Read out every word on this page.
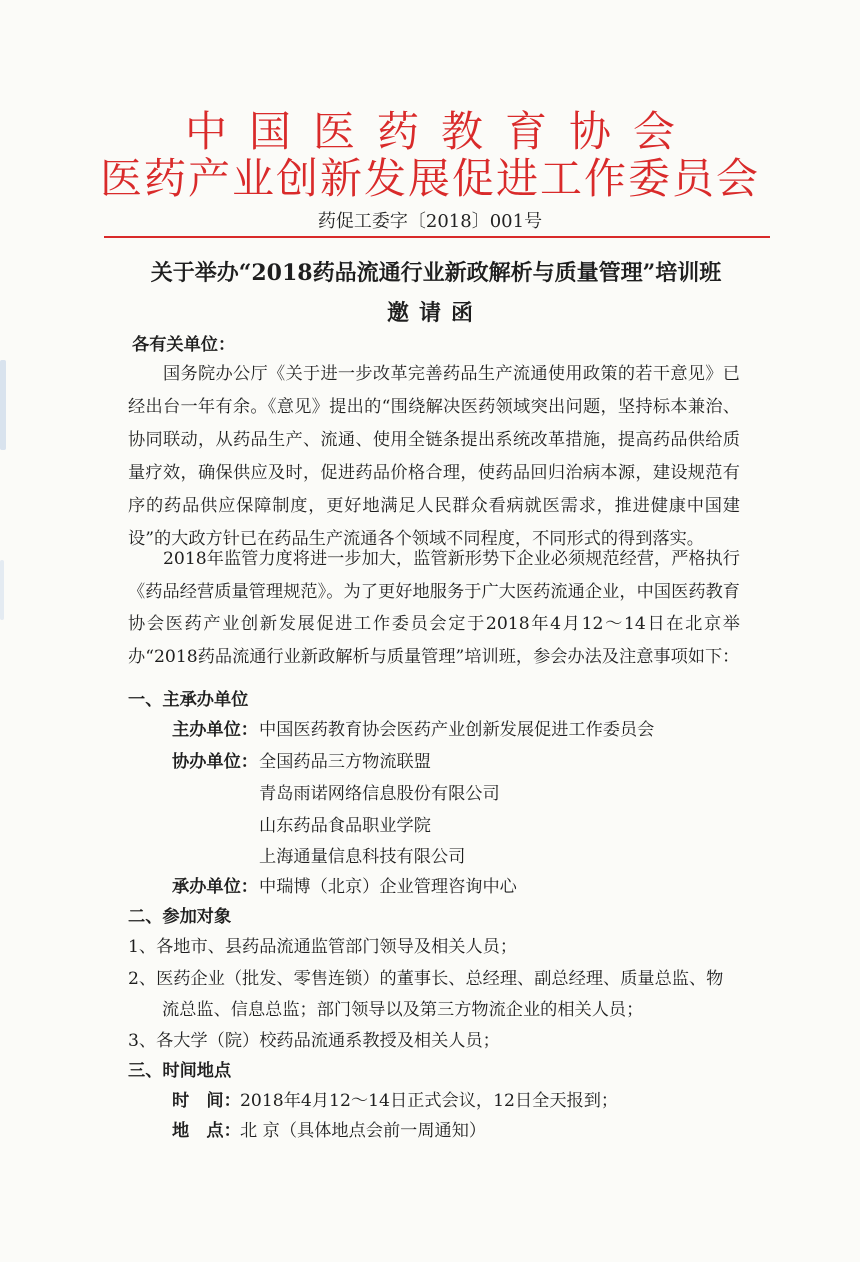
中国医药教育协会
医药产业创新发展促进工作委员会
药促工委字〔2018〕001号
关于举办“2018药品流通行业新政解析与质量管理”培训班
邀请函
各有关单位：
国务院办公厅《关于进一步改革完善药品生产流通使用政策的若干意见》已经出台一年有余。《意见》提出的“围绕解决医药领域突出问题，坚持标本兼治、协同联动，从药品生产、流通、使用全链条提出系统改革措施，提高药品供给质量疗效，确保供应及时，促进药品价格合理，使药品回归治病本源，建设规范有序的药品供应保障制度，更好地满足人民群众看病就医需求，推进健康中国建设”的大政方针已在药品生产流通各个领域不同程度，不同形式的得到落实。
2018年监管力度将进一步加大，监管新形势下企业必须规范经营，严格执行《药品经营质量管理规范》。为了更好地服务于广大医药流通企业，中国医药教育协会医药产业创新发展促进工作委员会定于2018年4月12～14日在北京举办“2018药品流通行业新政解析与质量管理”培训班，参会办法及注意事项如下：
一、主承办单位
主办单位： 中国医药教育协会医药产业创新发展促进工作委员会
协办单位： 全国药品三方物流联盟
青岛雨诺网络信息股份有限公司
山东药品食品职业学院
上海通量信息科技有限公司
承办单位： 中瑞博（北京）企业管理咨询中心
二、参加对象
1、各地市、县药品流通监管部门领导及相关人员；
2、医药企业（批发、零售连锁）的董事长、总经理、副总经理、质量总监、物
流总监、信息总监；部门领导以及第三方物流企业的相关人员；
3、各大学（院）校药品流通系教授及相关人员；
三、时间地点
时　间： 2018年4月12～14日正式会议，12日全天报到；
地　点： 北 京（具体地点会前一周通知）
